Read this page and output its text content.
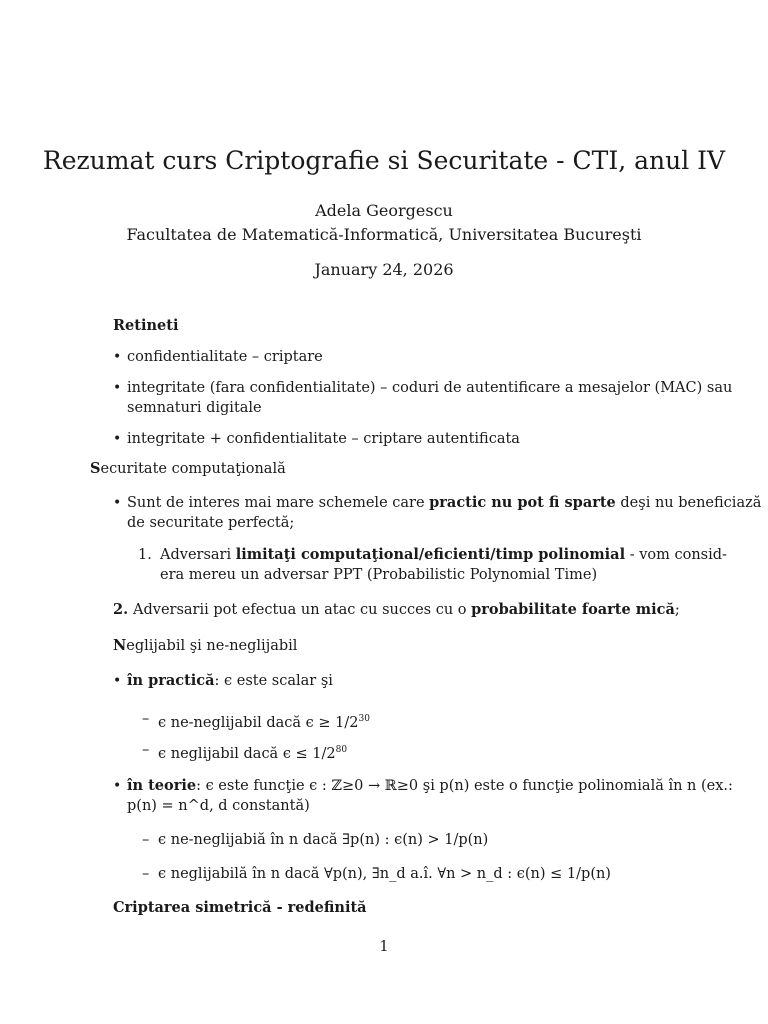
Rezumat curs Criptografie si Securitate - CTI, anul IV
Adela Georgescu
Facultatea de Matematică-Informatică, Universitatea Bucureşti
January 24, 2026
Retineti
• confidentialitate – criptare
• integritate (fara confidentialitate) – coduri de autentificare a mesajelor (MAC) sau
semnaturi digitale
• integritate + confidentialitate – criptare autentificata
Securitate computaţională
• Sunt de interes mai mare schemele care practic nu pot fi sparte deşi nu beneficiază
de securitate perfectă;
1. Adversari limitaţi computaţional/eficienti/timp polinomial - vom consid-
era mereu un adversar PPT (Probabilistic Polynomial Time)
2. Adversarii pot efectua un atac cu succes cu o probabilitate foarte mică;
Neglijabil şi ne-neglijabil
• în practică: ϵ este scalar şi
– ϵ ne-neglijabil dacă $\epsilon \ge 1/2^{30}$
– ϵ neglijabil dacă $\epsilon \le 1/2^{80}$
• în teorie: ϵ este funcţie ϵ : ℤ≥0 → ℝ≥0 şi p(n) este o funcţie polinomială în n (ex.:
p(n) = n^d, d constantă)
– ϵ ne-neglijabiă în n dacă ∃p(n) : ϵ(n) > 1/p(n)
– ϵ neglijabilă în n dacă ∀p(n), ∃n_d a.î. ∀n > n_d : ϵ(n) ≤ 1/p(n)
Criptarea simetrică - redefinită
1
